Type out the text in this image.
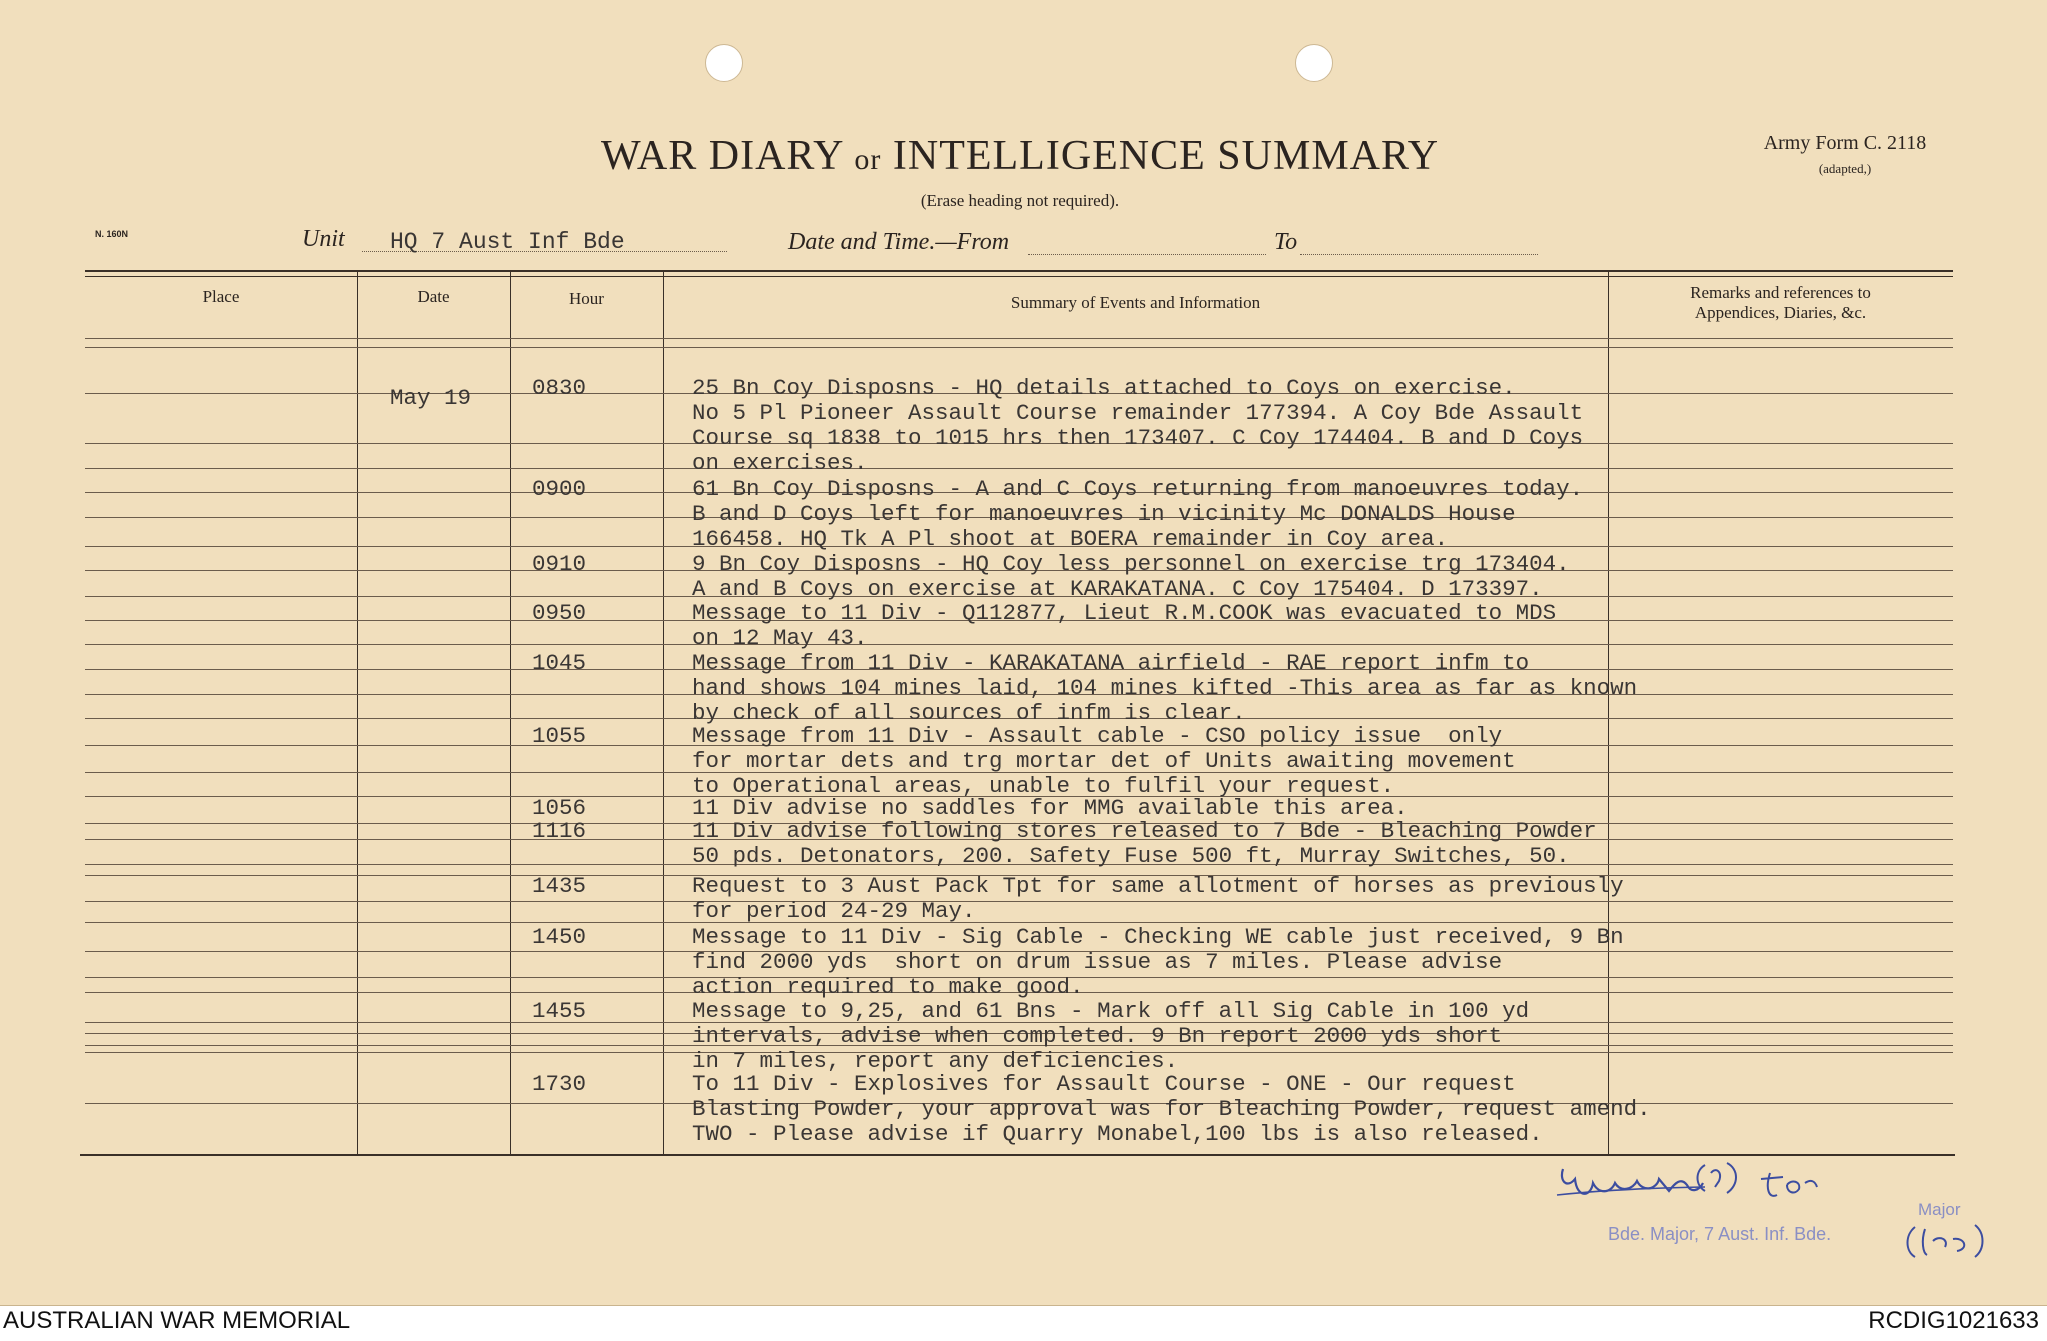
WAR DIARY or INTELLIGENCE SUMMARY
(Erase heading not required).
Army Form C. 2118
(adapted,)
N. 160N	Unit HQ 7 Aust Inf Bde	Date and Time.—From	To
Place	Date	Hour	Summary of Events and Information
Remarks and references to
Appendices, Diaries, &c.
May 19	0830	25 Bn Coy Disposns - HQ details attached to Coys on exercise.
No 5 Pl Pioneer Assault Course remainder 177394. A Coy Bde Assault
Course sq 1838 to 1015 hrs then 173407. C Coy 174404. B and D Coys
on exercises.
0900	61 Bn Coy Disposns - A and C Coys returning from manoeuvres today.
B and D Coys left for manoeuvres in vicinity Mc DONALDS House
166458. HQ Tk A Pl shoot at BOERA remainder in Coy area.
0910	9 Bn Coy Disposns - HQ Coy less personnel on exercise trg 173404.
A and B Coys on exercise at KARAKATANA. C Coy 175404. D 173397.
0950	Message to 11 Div - Q112877, Lieut R.M.COOK was evacuated to MDS
on 12 May 43.
1045	Message from 11 Div - KARAKATANA airfield - RAE report infm to
hand shows 104 mines laid, 104 mines kifted -This area as far as known
by check of all sources of infm is clear.
1055	Message from 11 Div - Assault cable - CSO policy issue  only
for mortar dets and trg mortar det of Units awaiting movement
to Operational areas, unable to fulfil your request.
1056	11 Div advise no saddles for MMG available this area.
1116	11 Div advise following stores released to 7 Bde - Bleaching Powder
50 pds. Detonators, 200. Safety Fuse 500 ft, Murray Switches, 50.
1435	Request to 3 Aust Pack Tpt for same allotment of horses as previously
for period 24-29 May.
1450	Message to 11 Div - Sig Cable - Checking WE cable just received, 9 Bn
find 2000 yds  short on drum issue as 7 miles. Please advise
action required to make good.
1455	Message to 9,25, and 61 Bns - Mark off all Sig Cable in 100 yd
intervals, advise when completed. 9 Bn report 2000 yds short
in 7 miles, report any deficiencies.
1730	To 11 Div - Explosives for Assault Course - ONE - Our request
Blasting Powder, your approval was for Bleaching Powder, request amend.
TWO - Please advise if Quarry Monabel,100 lbs is also released.
Major
Bde. Major, 7 Aust. Inf. Bde.
AUSTRALIAN WAR MEMORIAL	RCDIG1021633
